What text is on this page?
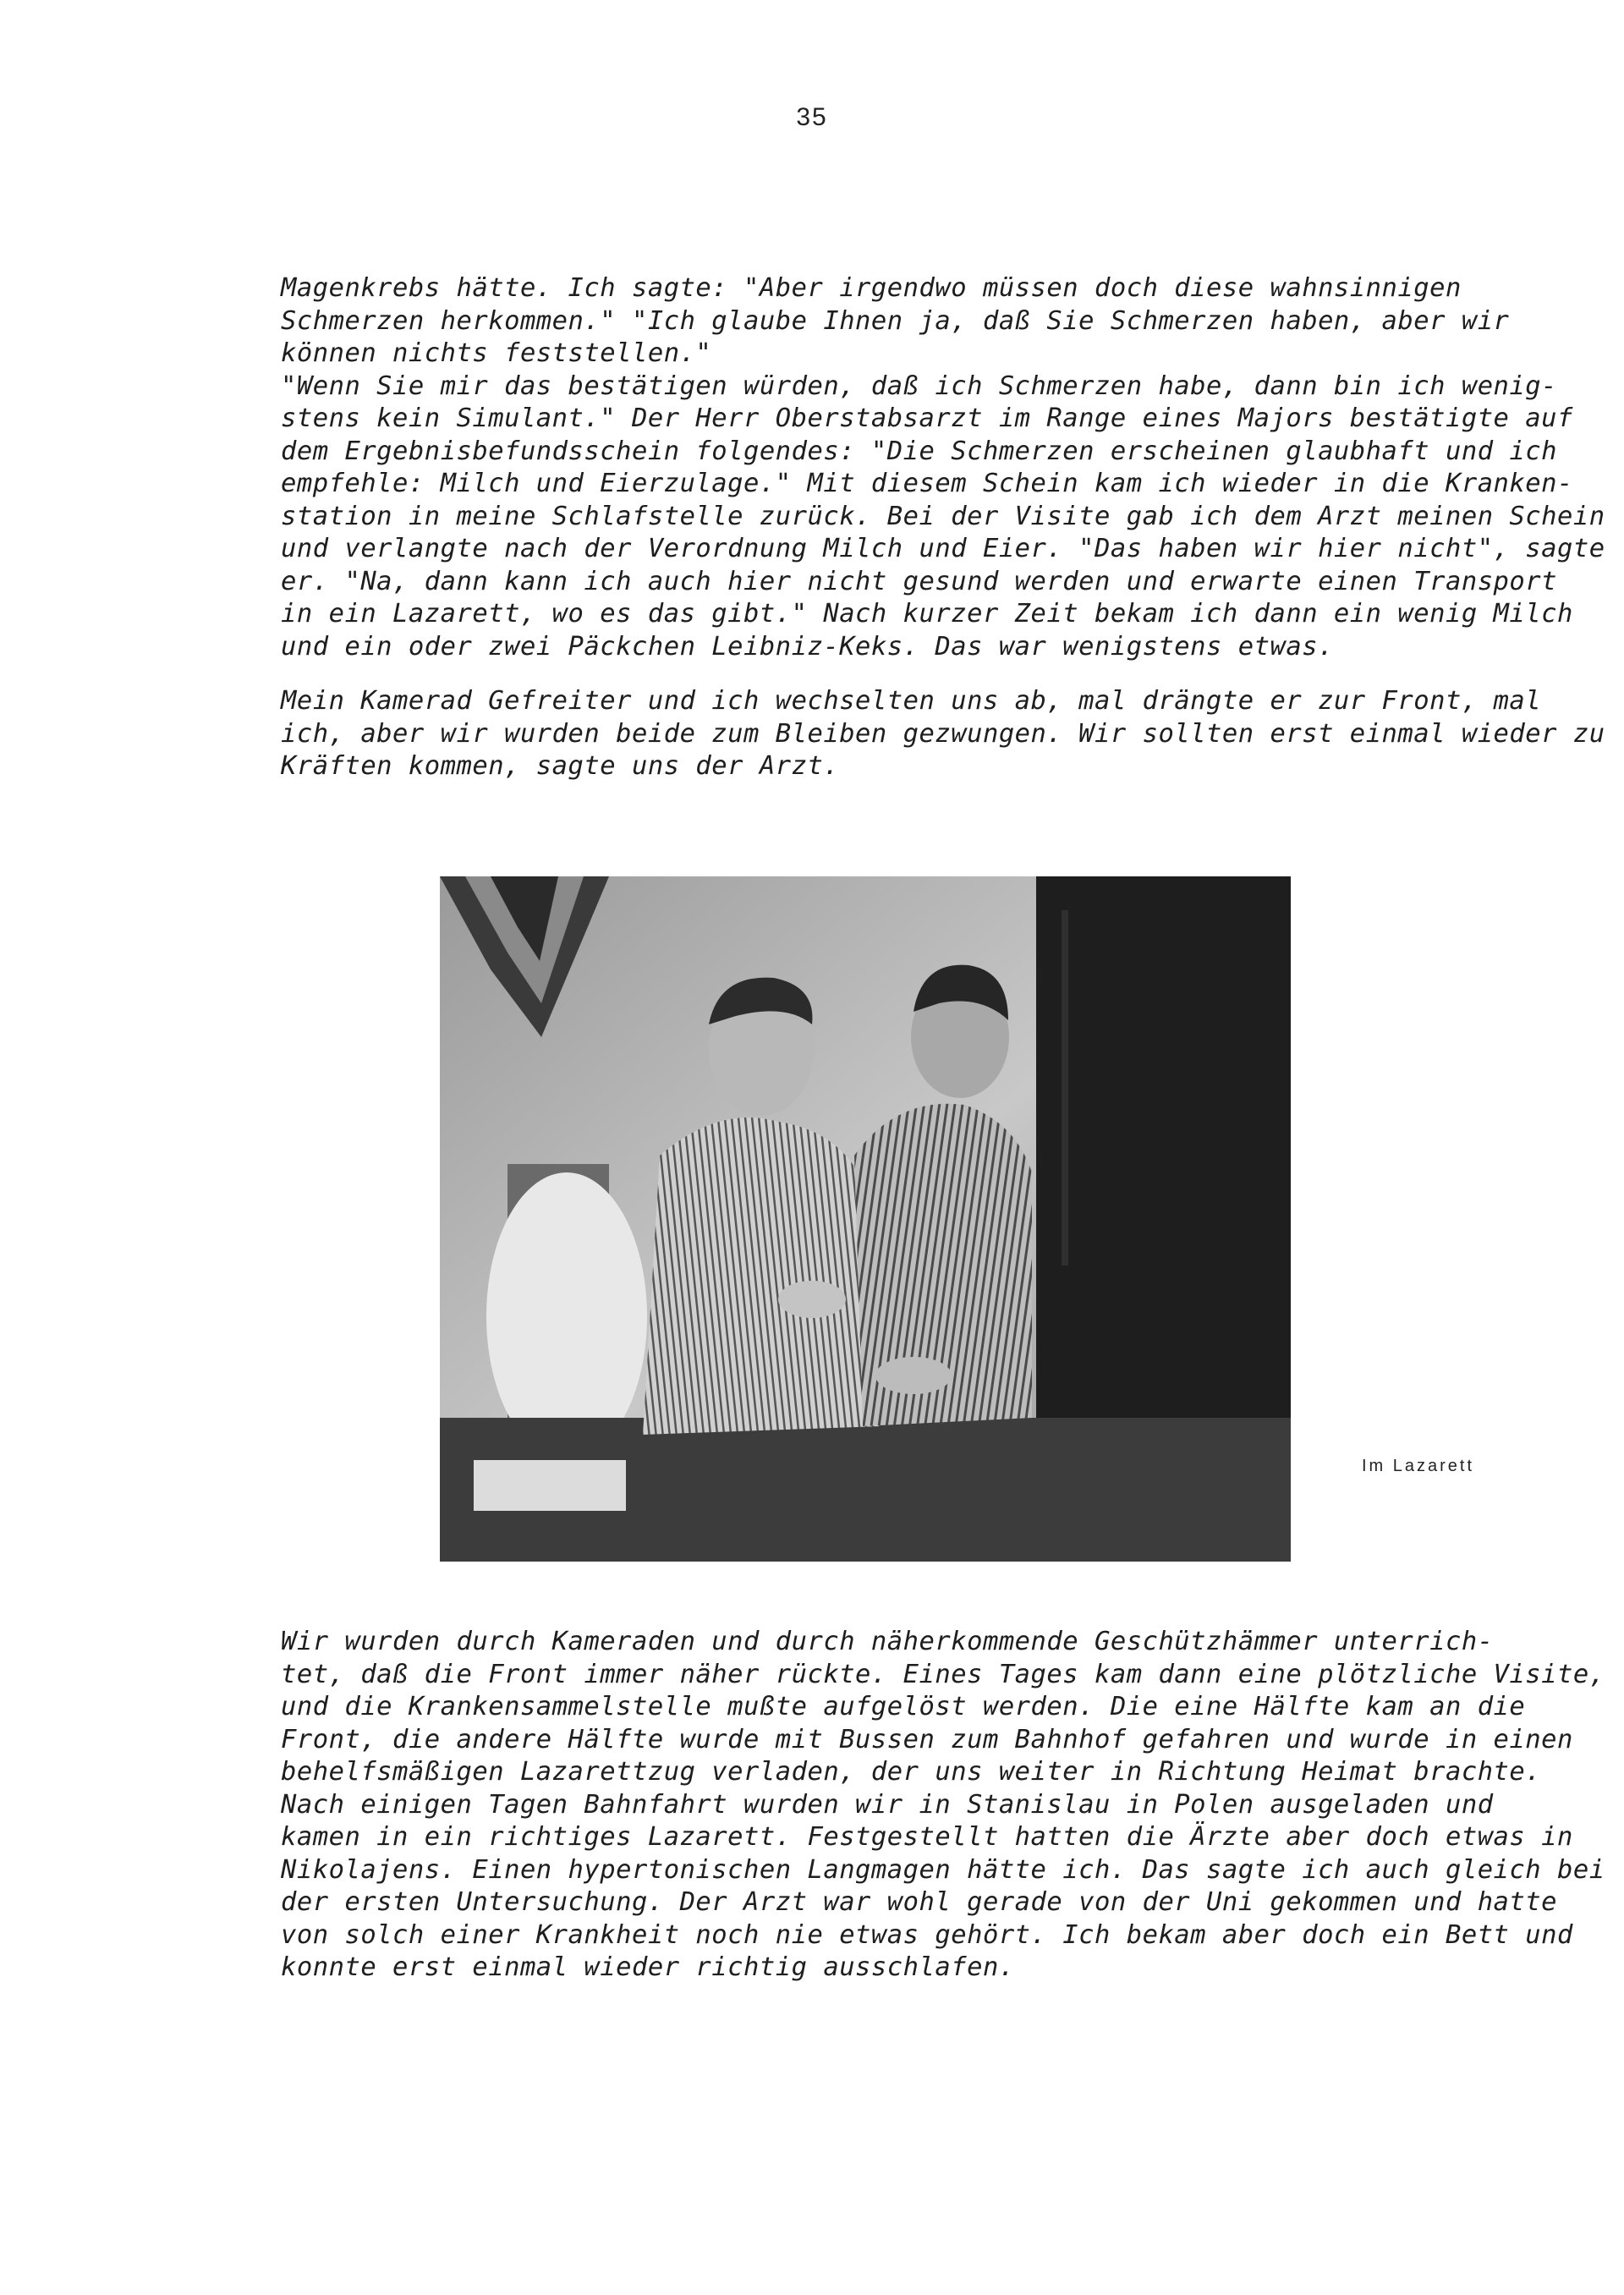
35
Magenkrebs hätte. Ich sagte: "Aber irgendwo müssen doch diese wahnsinnigen
Schmerzen herkommen." "Ich glaube Ihnen ja, daß Sie Schmerzen haben, aber wir
können nichts feststellen."
"Wenn Sie mir das bestätigen würden, daß ich Schmerzen habe, dann bin ich wenig-
stens kein Simulant." Der Herr Oberstabsarzt im Range eines Majors bestätigte auf
dem Ergebnisbefundsschein folgendes: "Die Schmerzen erscheinen glaubhaft und ich
empfehle: Milch und Eierzulage." Mit diesem Schein kam ich wieder in die Kranken-
station in meine Schlafstelle zurück. Bei der Visite gab ich dem Arzt meinen Schein
und verlangte nach der Verordnung Milch und Eier. "Das haben wir hier nicht", sagte
er. "Na, dann kann ich auch hier nicht gesund werden und erwarte einen Transport
in ein Lazarett, wo es das gibt." Nach kurzer Zeit bekam ich dann ein wenig Milch
und ein oder zwei Päckchen Leibniz-Keks. Das war wenigstens etwas.
Mein Kamerad Gefreiter und ich wechselten uns ab, mal drängte er zur Front, mal
ich, aber wir wurden beide zum Bleiben gezwungen. Wir sollten erst einmal wieder zu
Kräften kommen, sagte uns der Arzt.
Im Lazarett
Wir wurden durch Kameraden und durch näherkommende Geschützhämmer unterrich-
tet, daß die Front immer näher rückte. Eines Tages kam dann eine plötzliche Visite,
und die Krankensammelstelle mußte aufgelöst werden. Die eine Hälfte kam an die
Front, die andere Hälfte wurde mit Bussen zum Bahnhof gefahren und wurde in einen
behelfsmäßigen Lazarettzug verladen, der uns weiter in Richtung Heimat brachte.
Nach einigen Tagen Bahnfahrt wurden wir in Stanislau in Polen ausgeladen und
kamen in ein richtiges Lazarett. Festgestellt hatten die Ärzte aber doch etwas in
Nikolajens. Einen hypertonischen Langmagen hätte ich. Das sagte ich auch gleich bei
der ersten Untersuchung. Der Arzt war wohl gerade von der Uni gekommen und hatte
von solch einer Krankheit noch nie etwas gehört. Ich bekam aber doch ein Bett und
konnte erst einmal wieder richtig ausschlafen.
